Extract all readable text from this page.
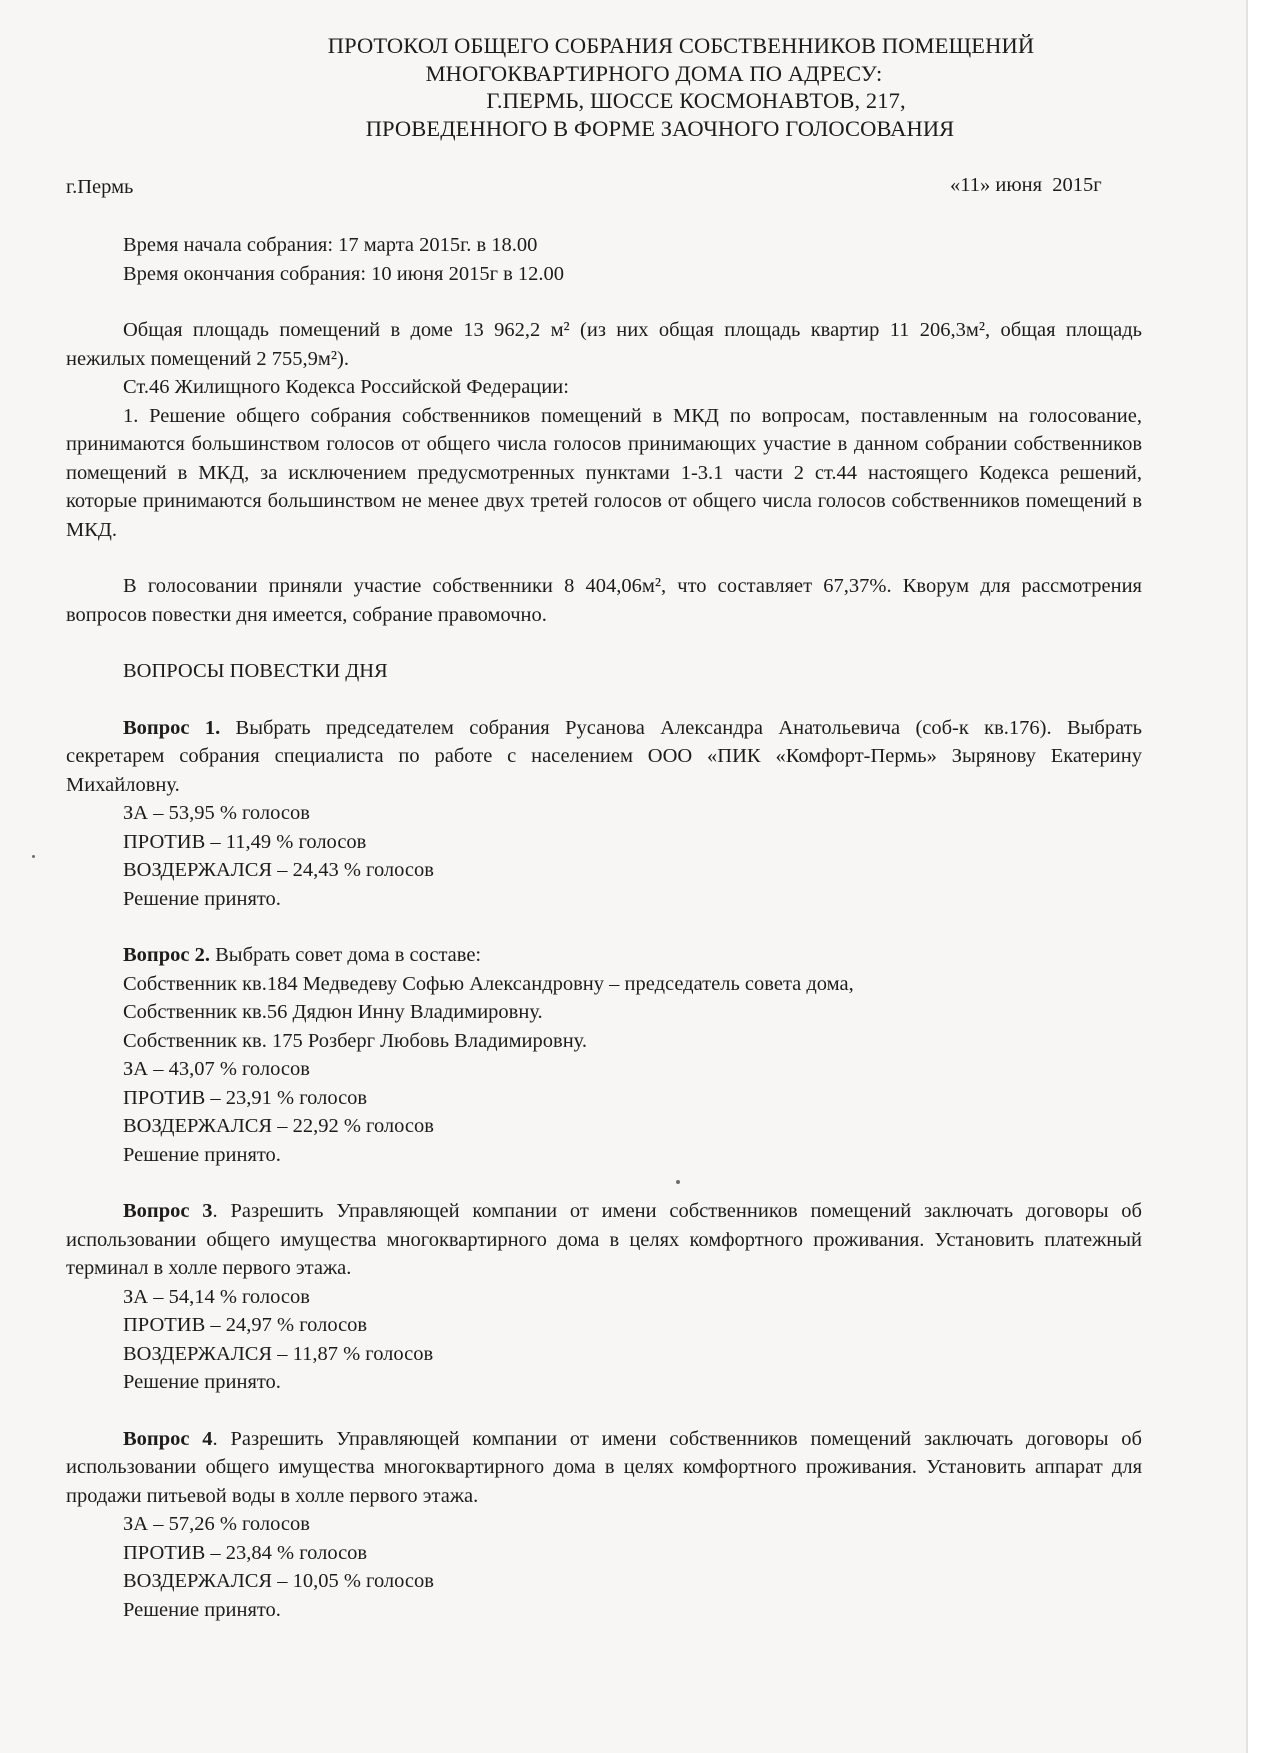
ПРОТОКОЛ ОБЩЕГО СОБРАНИЯ СОБСТВЕННИКОВ ПОМЕЩЕНИЙ
МНОГОКВАРТИРНОГО ДОМА ПО АДРЕСУ:
Г.ПЕРМЬ, ШОССЕ КОСМОНАВТОВ, 217,
ПРОВЕДЕННОГО В ФОРМЕ ЗАОЧНОГО ГОЛОСОВАНИЯ
г.Пермь	«11» июня  2015г
Время начала собрания: 17 марта 2015г. в 18.00
Время окончания собрания: 10 июня 2015г в 12.00
Общая площадь помещений в доме 13 962,2 м² (из них общая площадь квартир 11 206,3м², общая площадь нежилых помещений 2 755,9м²).
Ст.46 Жилищного Кодекса Российской Федерации:
1. Решение общего собрания собственников помещений в МКД по вопросам, поставленным на голосование, принимаются большинством голосов от общего числа голосов принимающих участие в данном собрании собственников помещений в МКД, за исключением предусмотренных пунктами 1-3.1 части 2 ст.44 настоящего Кодекса решений, которые принимаются большинством не менее двух третей голосов от общего числа голосов собственников помещений в МКД.
В голосовании приняли участие собственники 8 404,06м², что составляет 67,37%. Кворум для рассмотрения вопросов повестки дня имеется, собрание правомочно.
ВОПРОСЫ ПОВЕСТКИ ДНЯ
Вопрос 1. Выбрать председателем собрания Русанова Александра Анатольевича (соб-к кв.176). Выбрать секретарем собрания специалиста по работе с населением ООО «ПИК «Комфорт-Пермь» Зырянову Екатерину Михайловну.
ЗА – 53,95 % голосов
ПРОТИВ – 11,49 % голосов
ВОЗДЕРЖАЛСЯ – 24,43 % голосов
Решение принято.
Вопрос 2. Выбрать совет дома в составе:
Собственник кв.184 Медведеву Софью Александровну – председатель совета дома,
Собственник кв.56 Дядюн Инну Владимировну.
Собственник кв. 175 Розберг Любовь Владимировну.
ЗА – 43,07 % голосов
ПРОТИВ – 23,91 % голосов
ВОЗДЕРЖАЛСЯ – 22,92 % голосов
Решение принято.
Вопрос 3. Разрешить Управляющей компании от имени собственников помещений заключать договоры об использовании общего имущества многоквартирного дома в целях комфортного проживания. Установить платежный терминал в холле первого этажа.
ЗА – 54,14 % голосов
ПРОТИВ – 24,97 % голосов
ВОЗДЕРЖАЛСЯ – 11,87 % голосов
Решение принято.
Вопрос 4. Разрешить Управляющей компании от имени собственников помещений заключать договоры об использовании общего имущества многоквартирного дома в целях комфортного проживания. Установить аппарат для продажи питьевой воды в холле первого этажа.
ЗА – 57,26 % голосов
ПРОТИВ – 23,84 % голосов
ВОЗДЕРЖАЛСЯ – 10,05 % голосов
Решение принято.
